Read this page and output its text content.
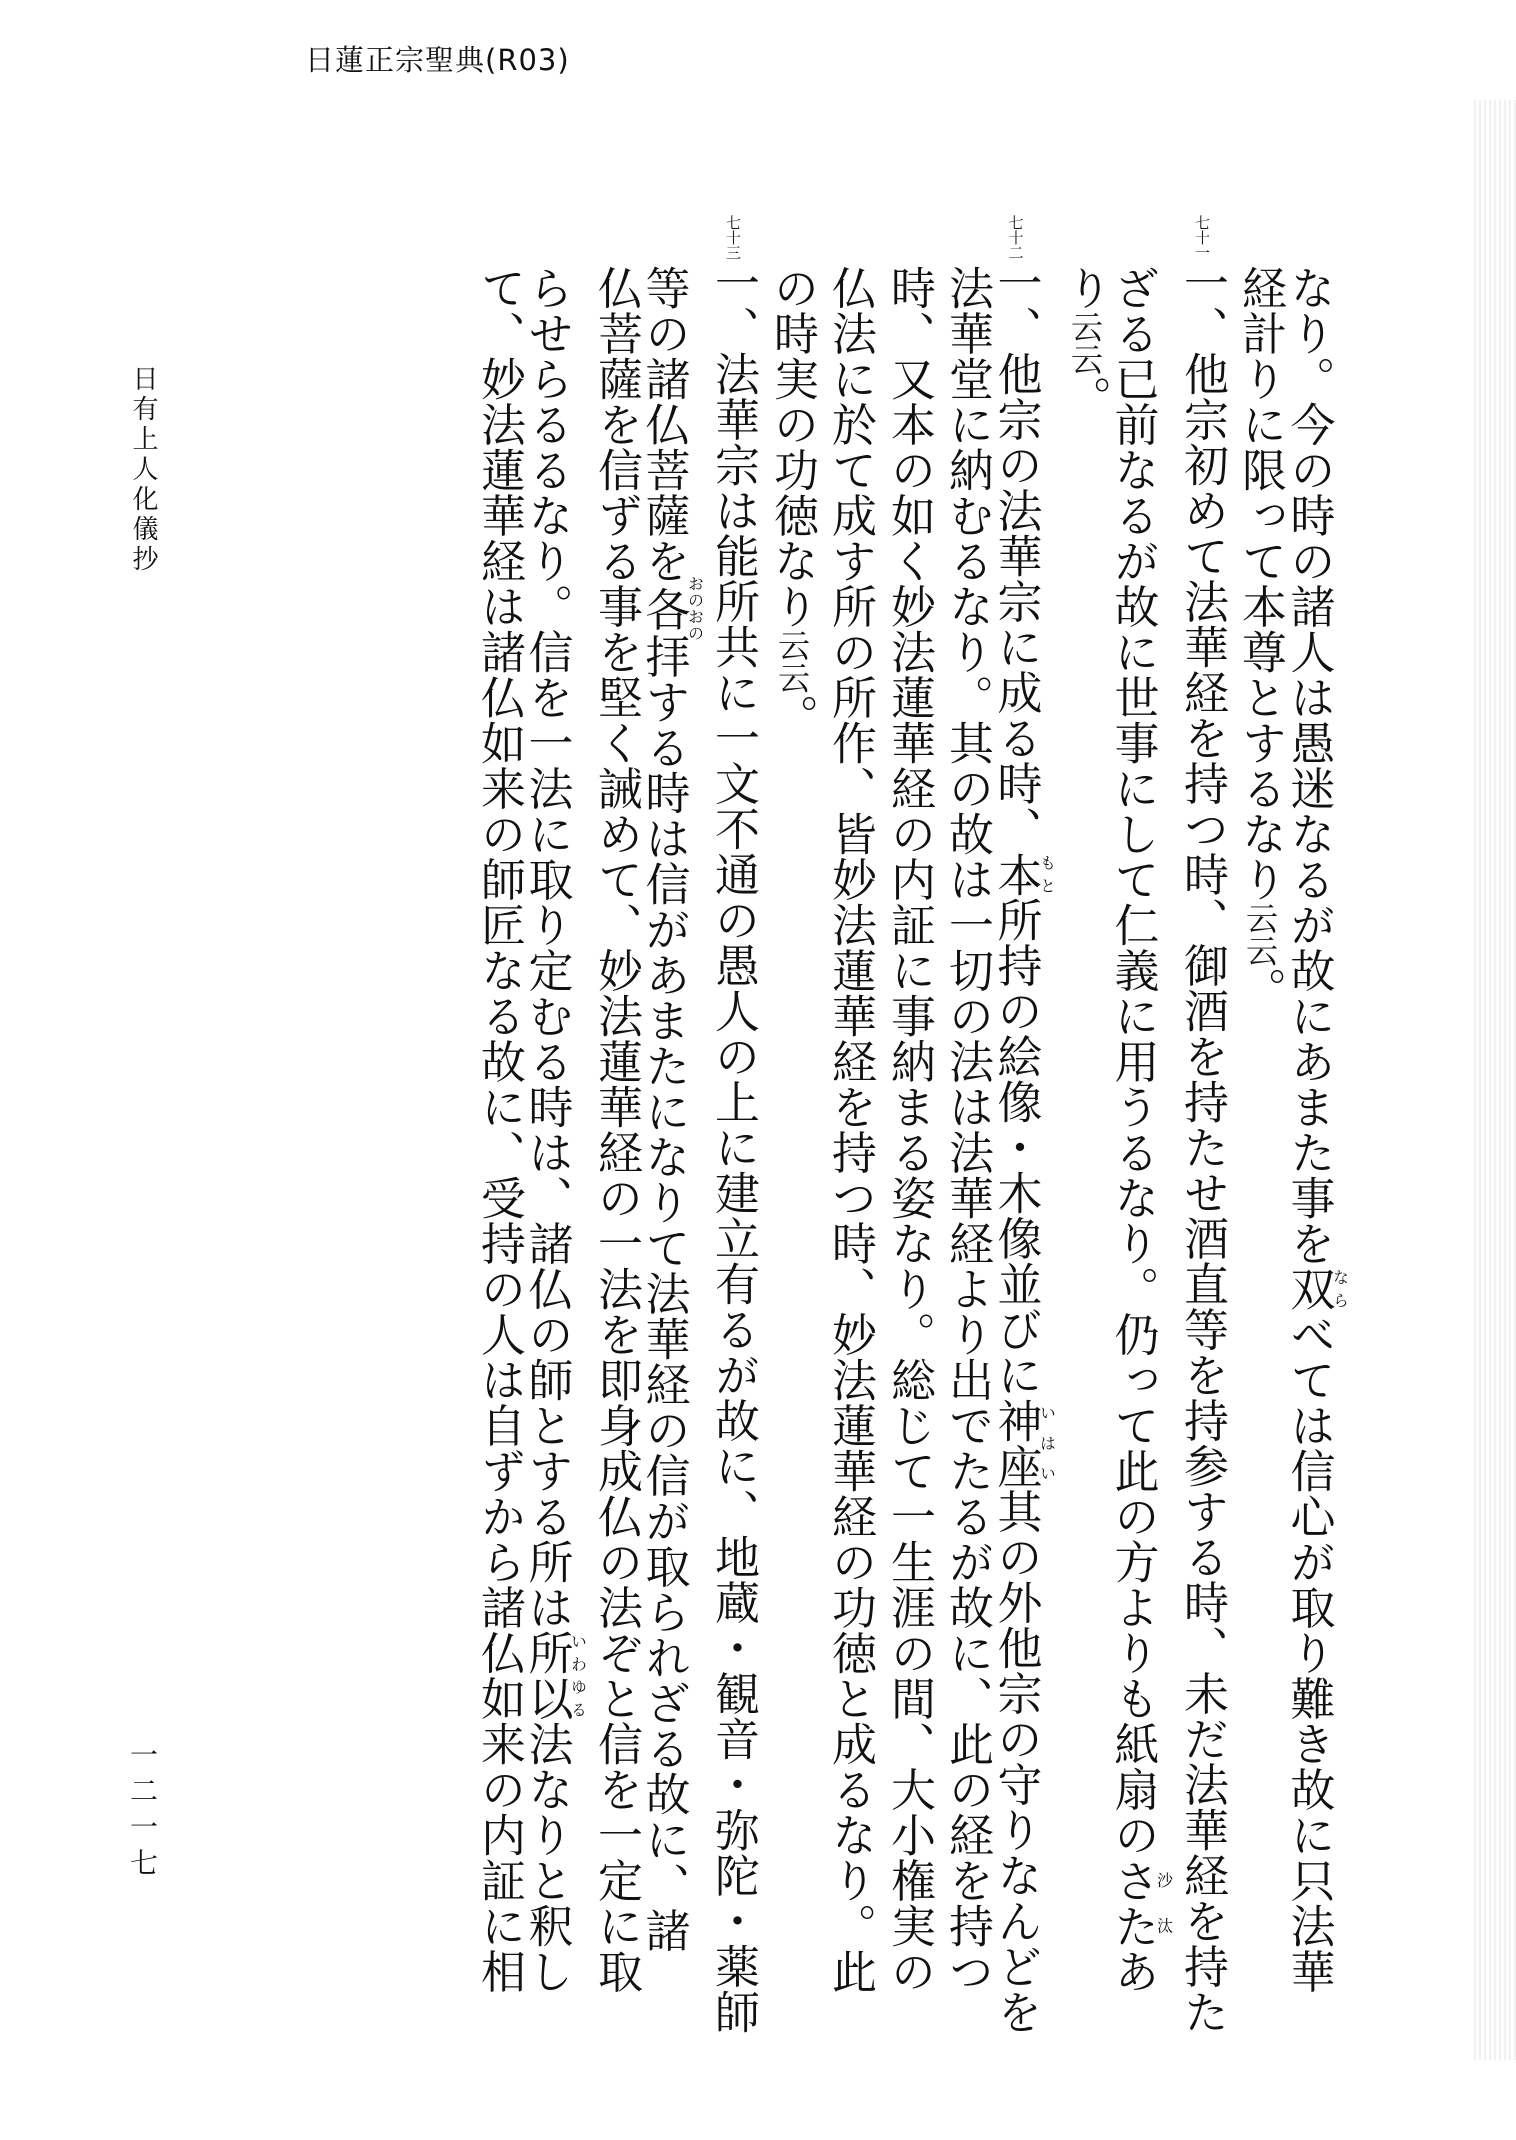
日蓮正宗聖典(R03)
なり。今の時の諸人は愚迷なるが故にあまた事を双ならべては信心が取り難き故に只法華
経計りに限って本尊とするなり云云。
七十一一、他宗初めて法華経を持つ時、御酒を持たせ酒直等を持参する時、未だ法華経を持た
ざる已前なるが故に世事にして仁義に用うるなり。仍って此の方よりも紙扇のさた沙汰あ
り云云。
七十二一、他宗の法華宗に成る時、本もと所持の絵像・木像並びに神座いはい其の外他宗の守りなんどを
法華堂に納むるなり。其の故は一切の法は法華経より出でたるが故に、此の経を持つ
時、又本の如く妙法蓮華経の内証に事納まる姿なり。総じて一生涯の間、大小権実の
仏法に於て成す所の所作、皆妙法蓮華経を持つ時、妙法蓮華経の功徳と成るなり。此
の時実の功徳なり云云。
七十三一、法華宗は能所共に一文不通の愚人の上に建立有るが故に、地蔵・観音・弥陀・薬師
等の諸仏菩薩を各おのおの拝する時は信があまたになりて法華経の信が取られざる故に、諸
仏菩薩を信ずる事を堅く誡めて、妙法蓮華経の一法を即身成仏の法ぞと信を一定に取
らせらるるなり。信を一法に取り定むる時は、諸仏の師とする所は所以いわゆる法なりと釈し
て、妙法蓮華経は諸仏如来の師匠なる故に、受持の人は自ずから諸仏如来の内証に相
日有上人化儀抄
一二一七
